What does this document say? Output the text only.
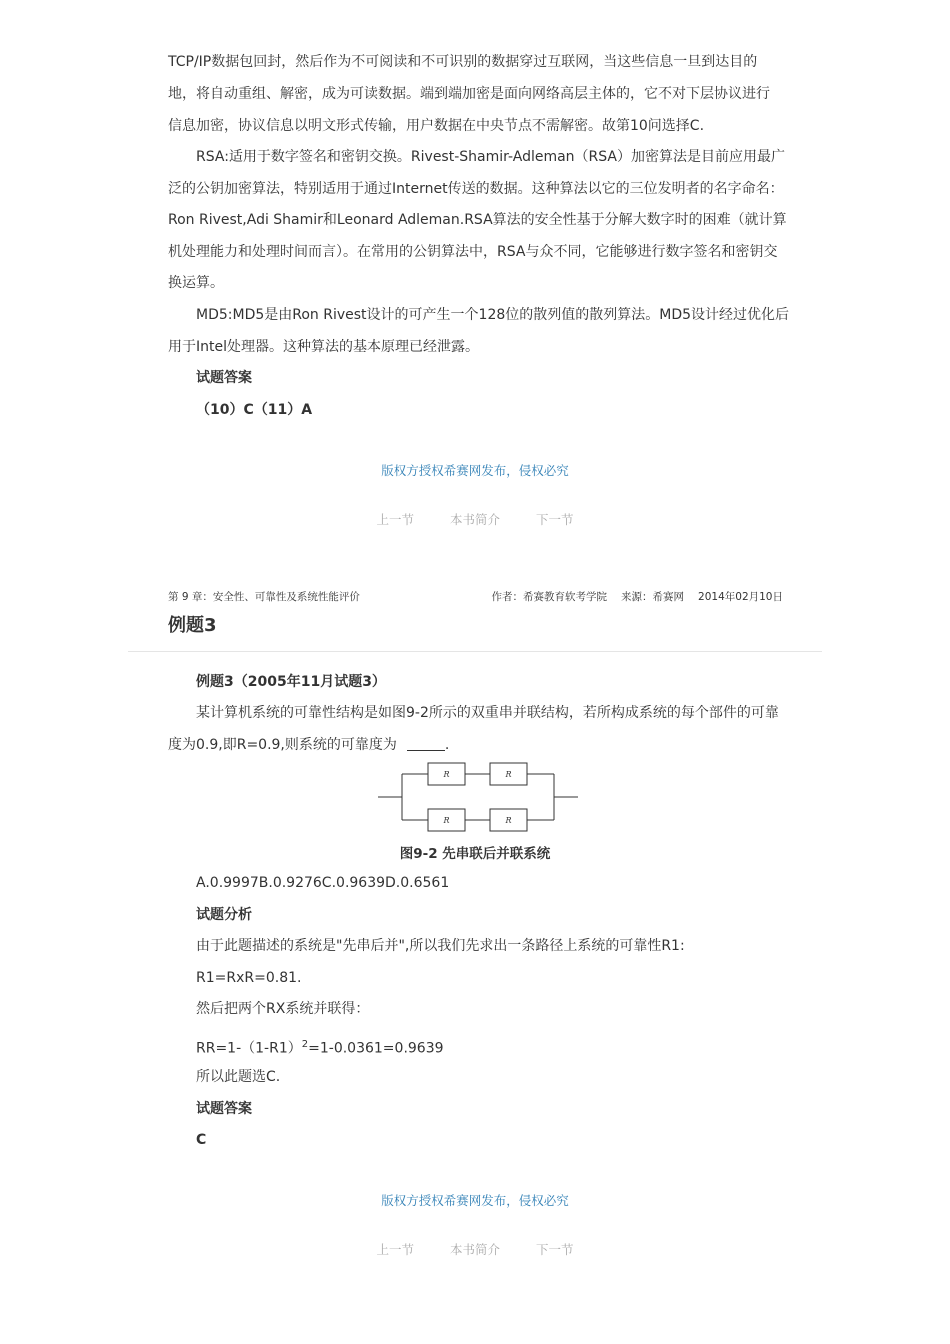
TCP/IP数据包回封，然后作为不可阅读和不可识别的数据穿过互联网，当这些信息一旦到达目的
地，将自动重组、解密，成为可读数据。端到端加密是面向网络高层主体的，它不对下层协议进行
信息加密，协议信息以明文形式传输，用户数据在中央节点不需解密。故第10问选择C.
RSA:适用于数字签名和密钥交换。Rivest-Shamir-Adleman（RSA）加密算法是目前应用最广
泛的公钥加密算法，特别适用于通过Internet传送的数据。这种算法以它的三位发明者的名字命名：
Ron Rivest,Adi Shamir和Leonard Adleman.RSA算法的安全性基于分解大数字时的困难（就计算
机处理能力和处理时间而言）。在常用的公钥算法中，RSA与众不同，它能够进行数字签名和密钥交
换运算。
MD5:MD5是由Ron Rivest设计的可产生一个128位的散列值的散列算法。MD5设计经过优化后
用于Intel处理器。这种算法的基本原理已经泄露。
试题答案
（10）C（11）A
版权方授权希赛网发布，侵权必究
上一节	本书简介	下一节
第 9 章：安全性、可靠性及系统性能评价	作者：希赛教育软考学院 来源：希赛网 2014年02月10日
例题3
例题3（2005年11月试题3）
某计算机系统的可靠性结构是如图9-2所示的双重串并联结构，若所构成系统的每个部件的可靠
度为0.9,即R=0.9,则系统的可靠度为	.
R	R
R	R
图9-2 先串联后并联系统
A.0.9997B.0.9276C.0.9639D.0.6561
试题分析
由于此题描述的系统是"先串后并",所以我们先求出一条路径上系统的可靠性R1:
R1=RxR=0.81.
然后把两个RX系统并联得：
$RR=1-(1-R1)^2=1-0.0361=0.9639$
所以此题选C.
试题答案
C
版权方授权希赛网发布，侵权必究
上一节	本书简介	下一节
